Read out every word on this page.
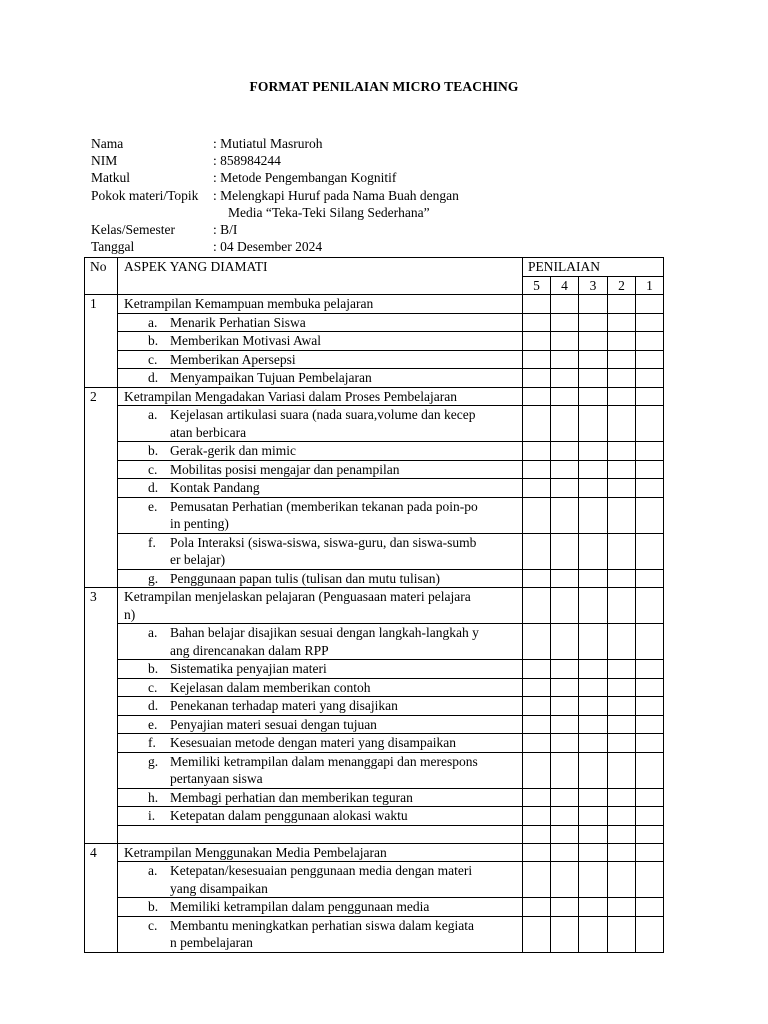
FORMAT PENILAIAN MICRO TEACHING
Nama	: Mutiatul Masruroh
NIM	: 858984244
Matkul	: Metode Pengembangan Kognitif
Pokok materi/Topik	: Melengkapi Huruf pada Nama Buah dengan
Media “Teka-Teki Silang Sederhana”
Kelas/Semester	: B/I
Tanggal	: 04 Desember 2024
No	ASPEK YANG DIAMATI	PENILAIAN				
		5	4	3	2	1
1	Ketrampilan Kemampuan membuka pelajaran					

	a. Menarik Perhatian Siswa					

	b. Memberikan Motivasi Awal					

	c. Memberikan Apersepsi					

	d. Menyampaikan Tujuan Pembelajaran					

2	Ketrampilan Mengadakan Variasi dalam Proses Pembelajaran					

	a. Kejelasan artikulasi suara (nada suara,volume dan kecep
atan berbicara					

	b. Gerak-gerik dan mimic					

	c. Mobilitas posisi mengajar dan penampilan					

	d. Kontak Pandang					

	e. Pemusatan Perhatian (memberikan tekanan pada poin-po
in penting)					

	f. Pola Interaksi (siswa-siswa, siswa-guru, dan siswa-sumb
er belajar)					

	g. Penggunaan papan tulis (tulisan dan mutu tulisan)					

3	Ketrampilan menjelaskan pelajaran (Penguasaan materi pelajara
n)					

	a. Bahan belajar disajikan sesuai dengan langkah-langkah y
ang direncanakan dalam RPP					

	b. Sistematika penyajian materi					

	c. Kejelasan dalam memberikan contoh					

	d. Penekanan terhadap materi yang disajikan					

	e. Penyajian materi sesuai dengan tujuan					

	f. Kesesuaian metode dengan materi yang disampaikan					

	g. Memiliki ketrampilan dalam menanggapi dan merespons
pertanyaan siswa					

	h. Membagi perhatian dan memberikan teguran					

	i. Ketepatan dalam penggunaan alokasi waktu					

4	Ketrampilan Menggunakan Media Pembelajaran					

	a. Ketepatan/kesesuaian penggunaan media dengan materi
yang disampaikan					

	b. Memiliki ketrampilan dalam penggunaan media					

	c. Membantu meningkatkan perhatian siswa dalam kegiata
n pembelajaran					
